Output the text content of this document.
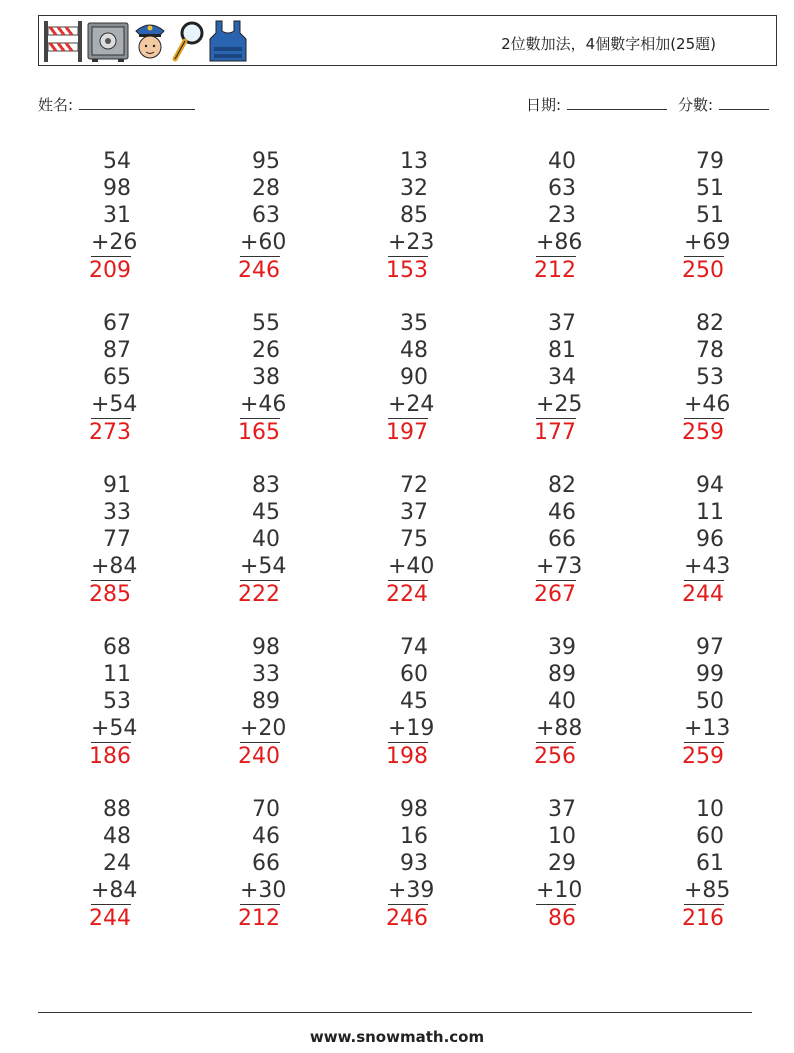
2位數加法，4個數字相加(25題)
姓名:	日期:	分數:
54
98
31
+26
209
95
28
63
+60
246
13
32
85
+23
153
40
63
23
+86
212
79
51
51
+69
250
67
87
65
+54
273
55
26
38
+46
165
35
48
90
+24
197
37
81
34
+25
177
82
78
53
+46
259
91
33
77
+84
285
83
45
40
+54
222
72
37
75
+40
224
82
46
66
+73
267
94
11
96
+43
244
68
11
53
+54
186
98
33
89
+20
240
74
60
45
+19
198
39
89
40
+88
256
97
99
50
+13
259
88
48
24
+84
244
70
46
66
+30
212
98
16
93
+39
246
37
10
29
+10
86
10
60
61
+85
216
www.snowmath.com
